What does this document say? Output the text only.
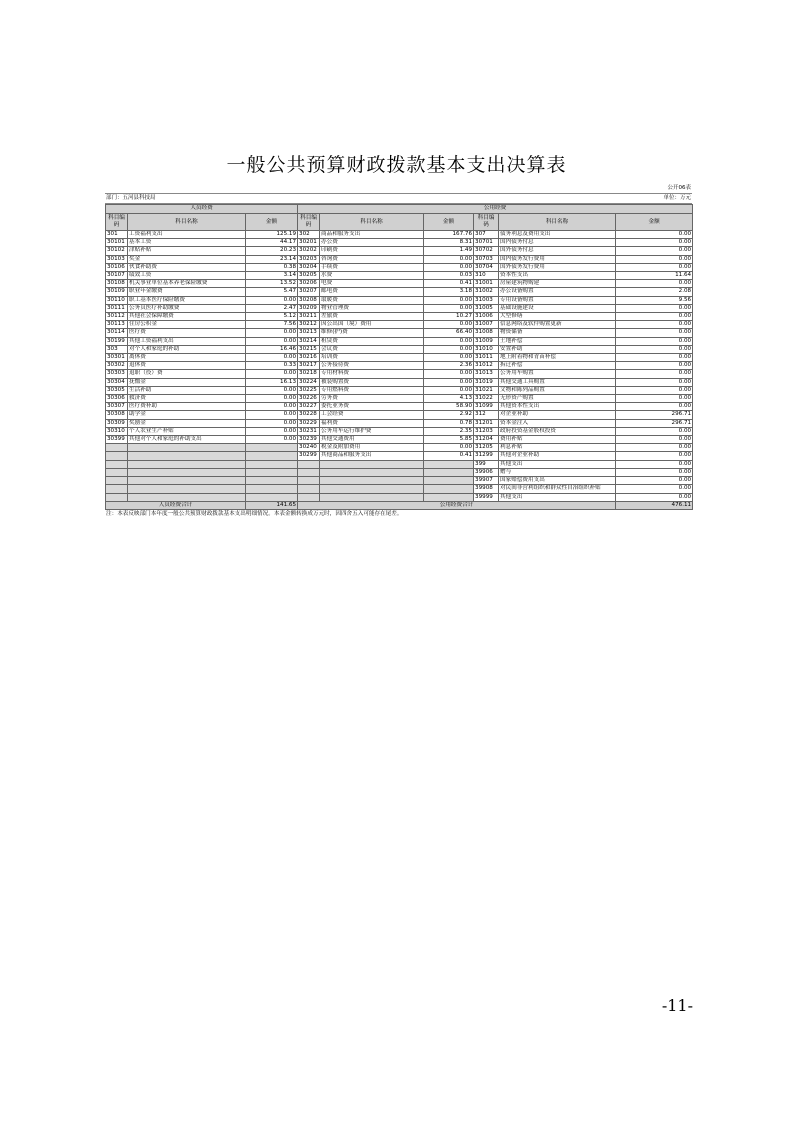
一般公共预算财政拨款基本支出决算表
公开06表
部门：五河县科技局	单位：万元
人员经费			公用经费					
科目编码	科目名称	金额	科目编码	科目名称	金额	科目编码	科目名称	金额
301	工资福利支出	125.19	302	商品和服务支出	167.76	307	债务利息及费用支出	0.00
30101	基本工资	44.17	30201	办公费	8.31	30701	国内债务付息	0.00
30102	津贴补贴	20.23	30202	印刷费	1.49	30702	国外债务付息	0.00
30103	奖金	23.14	30203	咨询费	0.00	30703	国内债务发行费用	0.00
30106	伙食补助费	0.38	30204	手续费	0.00	30704	国外债务发行费用	0.00
30107	绩效工资	3.14	30205	水费	0.03	310	资本性支出	11.64
30108	机关事业单位基本养老保险缴费	13.52	30206	电费	0.41	31001	房屋建筑物购建	0.00
30109	职业年金缴费	5.47	30207	邮电费	3.18	31002	办公设备购置	2.08
30110	职工基本医疗保险缴费	0.00	30208	取暖费	0.00	31003	专用设备购置	9.56
30111	公务员医疗补助缴费	2.47	30209	物业管理费	0.00	31005	基础设施建设	0.00
30112	其他社会保障缴费	5.12	30211	差旅费	10.27	31006	大型修缮	0.00
30113	住房公积金	7.56	30212	因公出国（境）费用	0.00	31007	信息网络及软件购置更新	0.00
30114	医疗费	0.00	30213	维修(护)费	66.40	31008	物资储备	0.00
30199	其他工资福利支出	0.00	30214	租赁费	0.00	31009	土地补偿	0.00
303	对个人和家庭的补助	16.46	30215	会议费	0.00	31010	安置补助	0.00
30301	离休费	0.00	30216	培训费	0.00	31011	地上附着物和青苗补偿	0.00
30302	退休费	0.33	30217	公务接待费	2.36	31012	拆迁补偿	0.00
30303	退职（役）费	0.00	30218	专用材料费	0.00	31013	公务用车购置	0.00
30304	抚恤金	16.13	30224	被装购置费	0.00	31019	其他交通工具购置	0.00
30305	生活补助	0.00	30225	专用燃料费	0.00	31021	文物和陈列品购置	0.00
30306	救济费	0.00	30226	劳务费	4.13	31022	无形资产购置	0.00
30307	医疗费补助	0.00	30227	委托业务费	58.90	31099	其他资本性支出	0.00
30308	助学金	0.00	30228	工会经费	2.92	312	对企业补助	296.71
30309	奖励金	0.00	30229	福利费	0.78	31201	资本金注入	296.71
30310	个人农业生产补贴	0.00	30231	公务用车运行维护费	2.35	31203	政府投资基金股权投资	0.00
30399	其他对个人和家庭的补助支出	0.00	30239	其他交通费用	5.85	31204	费用补贴	0.00
			30240	税金及附加费用	0.00	31205	利息补贴	0.00
			30299	其他商品和服务支出	0.41	31299	其他对企业补助	0.00
						399	其他支出	0.00
						39906	赠与	0.00
						39907	国家赔偿费用支出	0.00
						39908	对民间非营利组织和群众性自治组织补贴	0.00
						39999	其他支出	0.00
人员经费合计		141.65	公用经费合计					476.11
注：本表反映部门本年度一般公共预算财政拨款基本支出明细情况。本表金额转换成万元时，因四舍五入可能存在尾差。
-11-
